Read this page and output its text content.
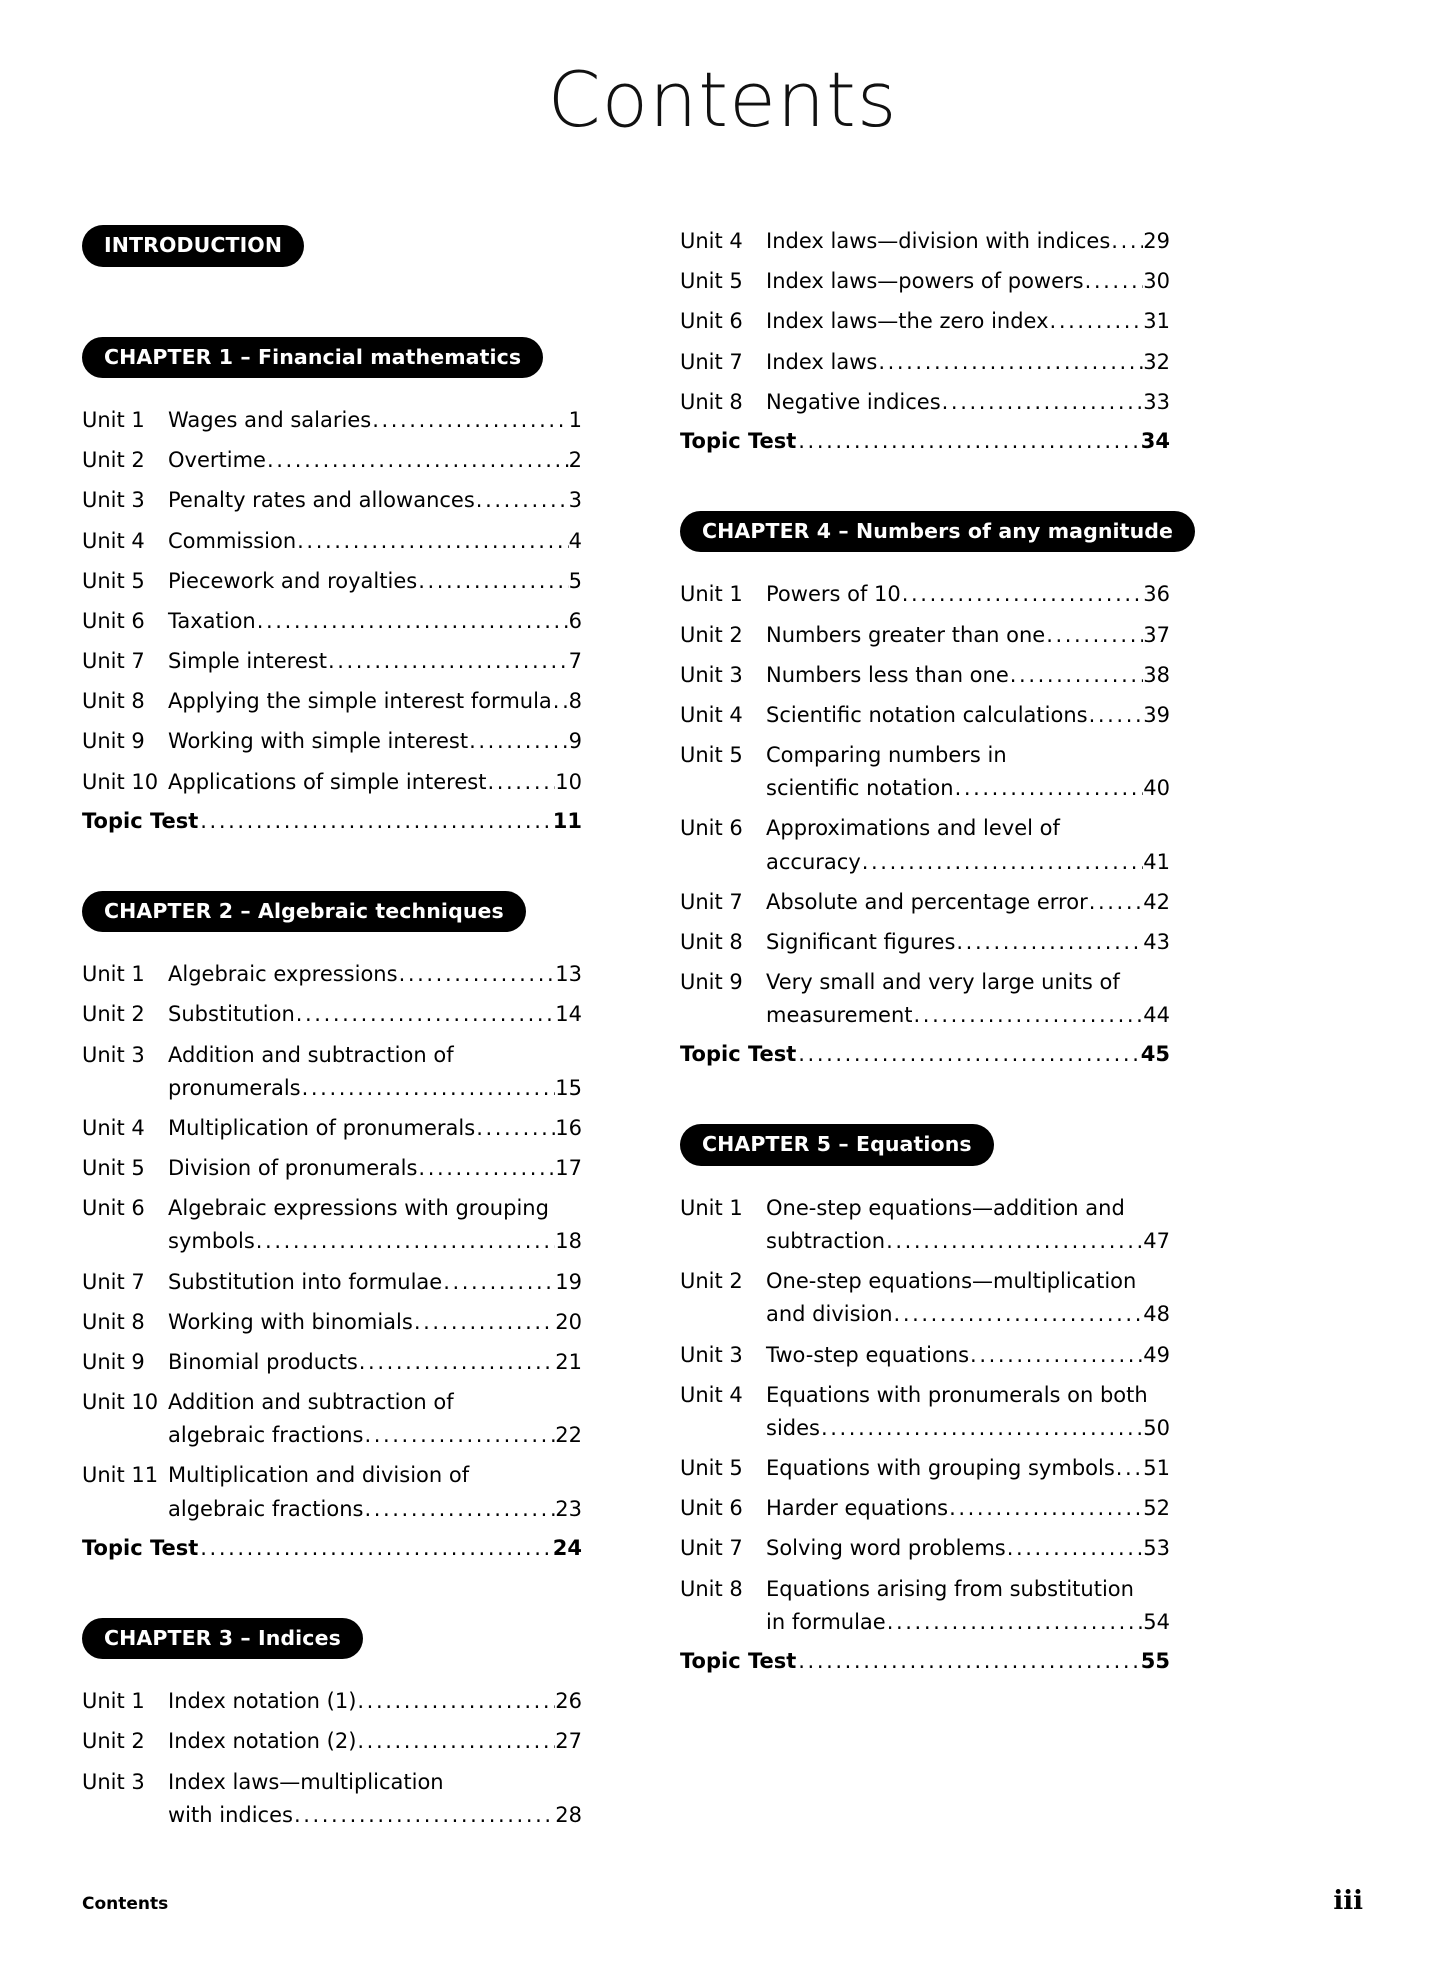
Contents
INTRODUCTION
CHAPTER 1 – Financial mathematics
Unit 1	Wages and salaries .....	1
Unit 2	Overtime .....	2
Unit 3	Penalty rates and allowances .....	3
Unit 4	Commission .....	4
Unit 5	Piecework and royalties .....	5
Unit 6	Taxation .....	6
Unit 7	Simple interest .....	7
Unit 8	Applying the simple interest formula ..... 8
Unit 9	Working with simple interest .....	9
Unit 10 Applications of simple interest .....	10
Topic Test .....	11
CHAPTER 2 – Algebraic techniques
Unit 1	Algebraic expressions .....	13
Unit 2	Substitution .....	14
Unit 3	Addition and subtraction of
pronumerals .....	15
Unit 4	Multiplication of pronumerals .....	16
Unit 5	Division of pronumerals .....	17
Unit 6	Algebraic expressions with grouping
symbols .....	18
Unit 7	Substitution into formulae .....	19
Unit 8	Working with binomials .....	20
Unit 9	Binomial products .....	21
Unit 10 Addition and subtraction of
algebraic fractions .....	22
Unit 11 Multiplication and division of
algebraic fractions .....	23
Topic Test .....	24
CHAPTER 3 – Indices
Unit 1	Index notation (1) .....	26
Unit 2	Index notation (2) .....	27
Unit 3	Index laws—multiplication
with indices .....	28
Unit 4	Index laws—division with indices ..... 29
Unit 5	Index laws—powers of powers .....	30
Unit 6	Index laws—the zero index .....	31
Unit 7	Index laws .....	32
Unit 8	Negative indices .....	33
Topic Test .....	34
CHAPTER 4 – Numbers of any magnitude
Unit 1	Powers of 10 .....	36
Unit 2	Numbers greater than one .....	37
Unit 3	Numbers less than one .....	38
Unit 4	Scientific notation calculations .....	39
Unit 5	Comparing numbers in
scientific notation .....	40
Unit 6	Approximations and level of
accuracy .....	41
Unit 7	Absolute and percentage error .....	42
Unit 8	Significant figures .....	43
Unit 9	Very small and very large units of
measurement .....	44
Topic Test .....	45
CHAPTER 5 – Equations
Unit 1	One-step equations—addition and
subtraction .....	47
Unit 2	One-step equations—multiplication
and division .....	48
Unit 3	Two-step equations .....	49
Unit 4	Equations with pronumerals on both
sides .....	50
Unit 5	Equations with grouping symbols ..... 51
Unit 6	Harder equations .....	52
Unit 7	Solving word problems .....	53
Unit 8	Equations arising from substitution
in formulae .....	54
Topic Test .....	55
Contents	iii
